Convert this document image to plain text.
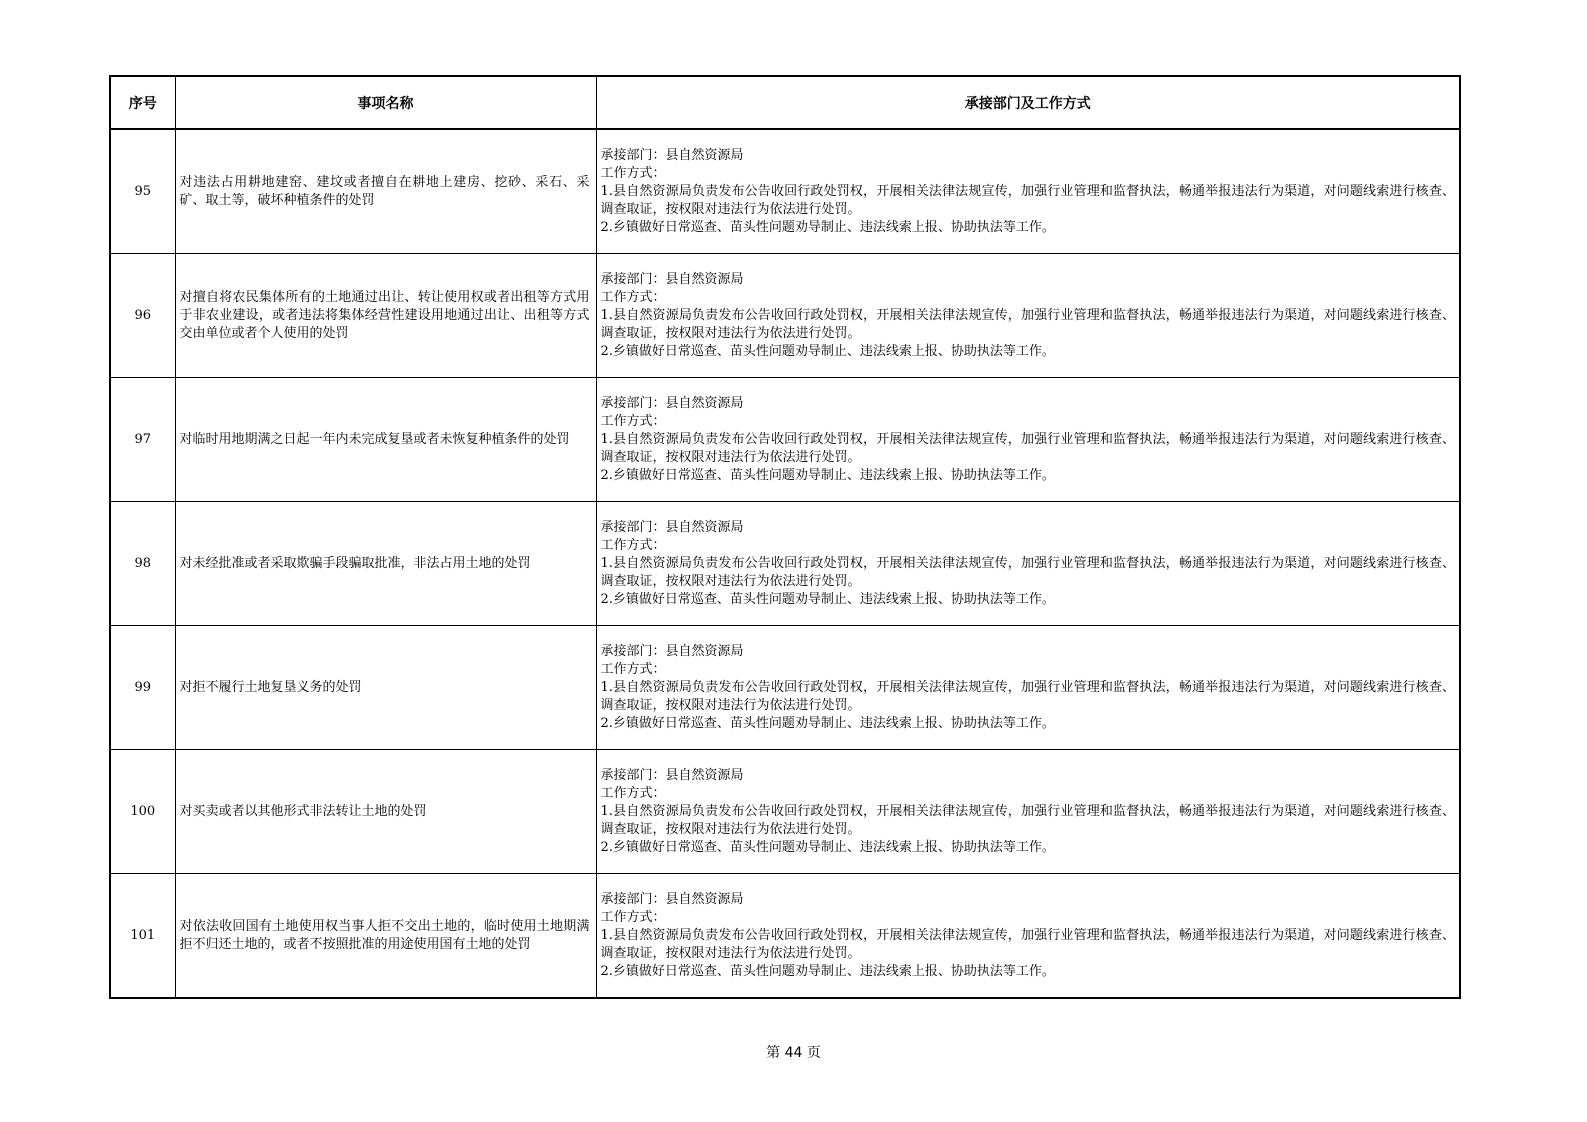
序号	事项名称	承接部门及工作方式
95	对违法占用耕地建窑、建坟或者擅自在耕地上建房、挖砂、采石、采矿、取土等，破坏种植条件的处罚	承接部门：县自然资源局
工作方式：
1.县自然资源局负责发布公告收回行政处罚权，开展相关法律法规宣传，加强行业管理和监督执法，畅通举报违法行为渠道，对问题线索进行核查、调查取证，按权限对违法行为依法进行处罚。
2.乡镇做好日常巡查、苗头性问题劝导制止、违法线索上报、协助执法等工作。

96	对擅自将农民集体所有的土地通过出让、转让使用权或者出租等方式用于非农业建设，或者违法将集体经营性建设用地通过出让、出租等方式交由单位或者个人使用的处罚	承接部门：县自然资源局
工作方式：
1.县自然资源局负责发布公告收回行政处罚权，开展相关法律法规宣传，加强行业管理和监督执法，畅通举报违法行为渠道，对问题线索进行核查、调查取证，按权限对违法行为依法进行处罚。
2.乡镇做好日常巡查、苗头性问题劝导制止、违法线索上报、协助执法等工作。

97	对临时用地期满之日起一年内未完成复垦或者未恢复种植条件的处罚	承接部门：县自然资源局
工作方式：
1.县自然资源局负责发布公告收回行政处罚权，开展相关法律法规宣传，加强行业管理和监督执法，畅通举报违法行为渠道，对问题线索进行核查、调查取证，按权限对违法行为依法进行处罚。
2.乡镇做好日常巡查、苗头性问题劝导制止、违法线索上报、协助执法等工作。

98	对未经批准或者采取欺骗手段骗取批准，非法占用土地的处罚	承接部门：县自然资源局
工作方式：
1.县自然资源局负责发布公告收回行政处罚权，开展相关法律法规宣传，加强行业管理和监督执法，畅通举报违法行为渠道，对问题线索进行核查、调查取证，按权限对违法行为依法进行处罚。
2.乡镇做好日常巡查、苗头性问题劝导制止、违法线索上报、协助执法等工作。

99	对拒不履行土地复垦义务的处罚	承接部门：县自然资源局
工作方式：
1.县自然资源局负责发布公告收回行政处罚权，开展相关法律法规宣传，加强行业管理和监督执法，畅通举报违法行为渠道，对问题线索进行核查、调查取证，按权限对违法行为依法进行处罚。
2.乡镇做好日常巡查、苗头性问题劝导制止、违法线索上报、协助执法等工作。

100	对买卖或者以其他形式非法转让土地的处罚	承接部门：县自然资源局
工作方式：
1.县自然资源局负责发布公告收回行政处罚权，开展相关法律法规宣传，加强行业管理和监督执法，畅通举报违法行为渠道，对问题线索进行核查、调查取证，按权限对违法行为依法进行处罚。
2.乡镇做好日常巡查、苗头性问题劝导制止、违法线索上报、协助执法等工作。

101	对依法收回国有土地使用权当事人拒不交出土地的，临时使用土地期满拒不归还土地的，或者不按照批准的用途使用国有土地的处罚	承接部门：县自然资源局
工作方式：
1.县自然资源局负责发布公告收回行政处罚权，开展相关法律法规宣传，加强行业管理和监督执法，畅通举报违法行为渠道，对问题线索进行核查、调查取证，按权限对违法行为依法进行处罚。
2.乡镇做好日常巡查、苗头性问题劝导制止、违法线索上报、协助执法等工作。
第 44 页
